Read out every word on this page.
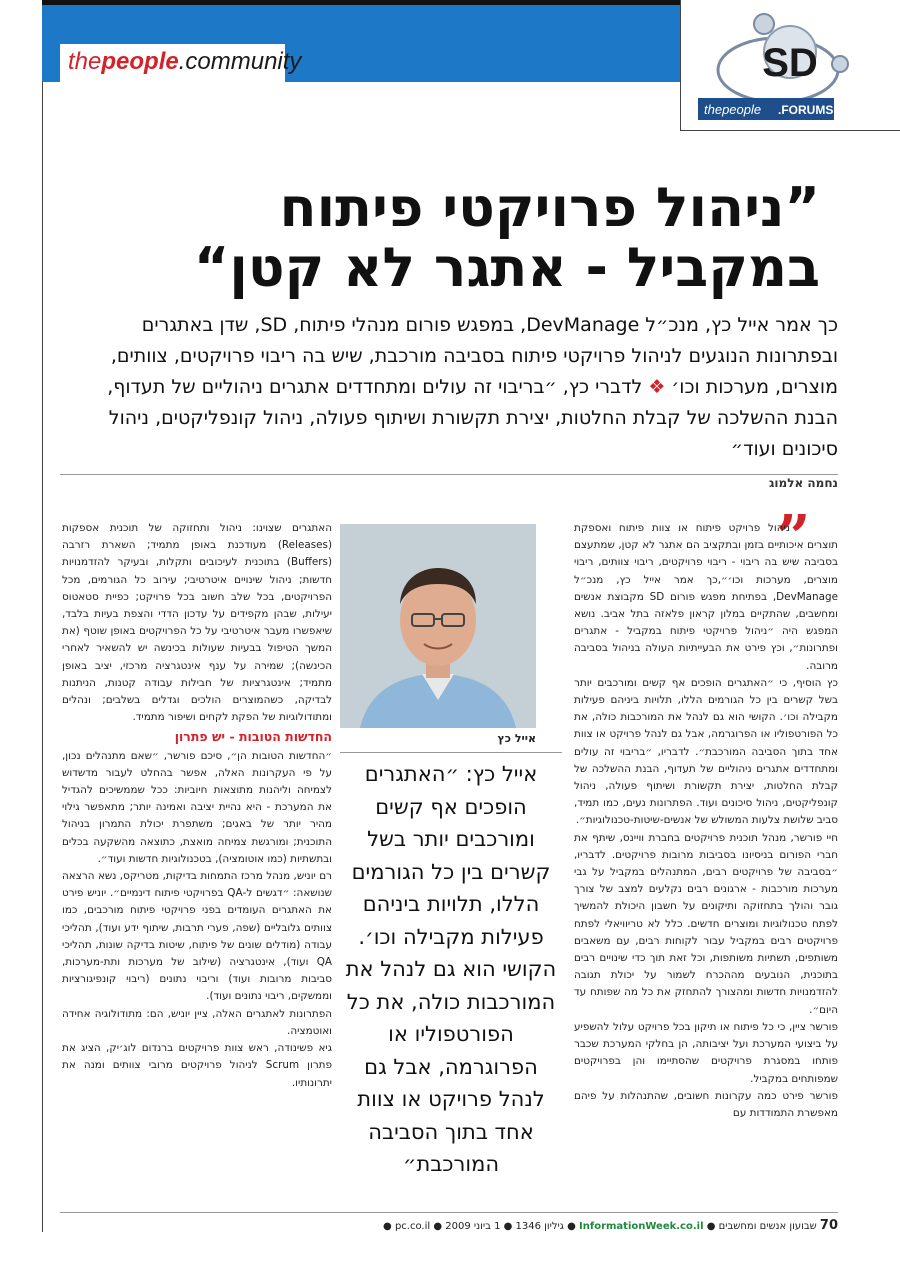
thepeople.community	SD
thepeople .FORUMS
”ניהול פרויקטי פיתוח
במקביל - אתגר לא קטן“
כך אמר אייל כץ, מנכ״ל DevManage, במפגש פורום מנהלי פיתוח, SD, שדן באתגרים ובפתרונות הנוגעים לניהול פרויקטי פיתוח בסביבה מורכבת, שיש בה ריבוי פרויקטים, צוותים, מוצרים, מערכות וכו׳ ❖ לדברי כץ, ״בריבוי זה עולים ומתחדדים אתגרים ניהוליים של תעדוף, הבנת ההשלכה של קבלת החלטות, יצירת תקשורת ושיתוף פעולה, ניהול קונפליקטים, ניהול סיכונים ועוד״
נחמה אלמוג
”

ניהול פרויקט פיתוח או צוות פיתוח ואספקת תוצרים איכותיים בזמן ובתקציב הם אתגר לא קטן, שמתעצם בסביבה שיש בה ריבוי - ריבוי פרויקטים, ריבוי צוותים, ריבוי מוצרים, מערכות וכו׳״,כך אמר אייל כץ, מנכ״ל DevManage, בפתיחת מפגש פורום SD מקבוצת אנשים ומחשבים, שהתקיים במלון קראון פלאזה בתל אביב. נושא המפגש היה ״ניהול פרויקטי פיתוח במקביל - אתגרים ופתרונות״, וכץ פירט את הבעייתיות העולה בניהול בסביבה מרובה.

כץ הוסיף, כי ״האתגרים הופכים אף קשים ומורכבים יותר בשל קשרים בין כל הגורמים הללו, תלויות ביניהם פעילות מקבילה וכו׳. הקושי הוא גם לנהל את המורכבות כולה, את כל הפורטפוליו או הפרוגרמה, אבל גם לנהל פרויקט או צוות אחד בתוך הסביבה המורכבת״. לדבריו, ״בריבוי זה עולים ומתחדדים אתגרים ניהוליים של תעדוף, הבנת ההשלכה של קבלת החלטות, יצירת תקשורת ושיתוף פעולה, ניהול קונפליקטים, ניהול סיכונים ועוד. הפתרונות נעים, כמו תמיד, סביב שלושת צלעות המשולש של אנשים-שיטות-טכנולוגיות״.

חיי פורשר, מנהל תוכנית פרויקטים בחברת וויינס, שיתף את חברי הפורום בניסיונו בסביבות מרובות פרויקטים. לדבריו, ״בסביבה של פרויקטים רבים, המתנהלים במקביל על גבי מערכות מורכבות - ארגונים רבים נקלעים למצב של צורך גובר והולך בתחזוקה ותיקונים על חשבון היכולת להמשיך לפתח טכנולוגיות ומוצרים חדשים. כלל לא טריוויאלי לפתח פרויקטים רבים במקביל עבור לקוחות רבים, עם משאבים משותפים, תשתיות משותפות, וכל זאת תוך כדי שינויים רבים בתוכנית, הנובעים מההכרח לשמור על יכולת תגובה להזדמנויות חדשות ומהצורך להתחזק את כל מה שפותח עד היום״.

פורשר ציין, כי כל פיתוח או תיקון בכל פרויקט עלול להשפיע על ביצועי המערכת ועל יציבותה, הן בחלקי המערכת שכבר פותחו במסגרת פרויקטים שהסתיימו והן בפרויקטים שמפותחים במקביל.

פורשר פירט כמה עקרונות חשובים, שהתנהלות על פיהם מאפשרת התמודדות עם

אייל כץ
אייל כץ: ״האתגרים הופכים אף קשים ומורכבים יותר בשל קשרים בין כל הגורמים הללו, תלויות ביניהם פעילות מקבילה וכו׳. הקושי הוא גם לנהל את המורכבות כולה, את כל הפורטפוליו או הפרוגרמה, אבל גם לנהל פרויקט או צוות אחד בתוך הסביבה המורכבת״

האתגרים שצוינו: ניהול ותחזוקה של תוכנית אספקות (Releases) מעודכנת באופן מתמיד; השארת רזרבה (Buffers) בתוכנית לעיכובים ותקלות, ובעיקר להזדמנויות חדשות; ניהול שינויים איטרטיבי; עירוב כל הגורמים, מכל הפרויקטים, בכל שלב חשוב בכל פרויקט; כפיית סטאטוס יעילות, שבהן מקפידים על עדכון הדדי והצפת בעיות בלבד, שיאפשרו מעבר איטרטיבי על כל הפרויקטים באופן שוטף (את המשך הטיפול בבעיות שעולות בכינשה יש להשאיר לאחרי הכינשה); שמירה על ענף אינטגרציה מרכזי, יציב באופן מתמיד; אינטגרציות של חבילות עבודה קטנות, הניתנות לבדיקה, כשהמוצרים הולכים וגדלים בשלבים; ונהלים ומתודולוגיות של הפקת לקחים ושיפור מתמיד.

החדשות הטובות - יש פתרון

״החדשות הטובות הן״, סיכם פורשר, ״שאם מתנהלים נכון, על פי העקרונות האלה, אפשר בהחלט לעבור מדשדוש לצמיחה וליהנות מתוצאות חיוביות: ככל שממשיכים להגדיל את המערכת - היא נהיית יציבה ואמינה יותר; מתאפשר גילוי מהיר יותר של באגים; משתפרת יכולת התמרון בניהול התוכנית; ומורגשת צמיחה מואצת, כתוצאה מהשקעה בכלים ובתשתיות (כמו אוטומציה), בטכנולוגיות חדשות ועוד״.

רם יוניש, מנהל מרכז התמחות בדיקות, מטריקס, נשא הרצאה שנושאה: ״דגשים ל-QA בפרויקטי פיתוח דינמיים״. יוניש פירט את האתגרים העומדים בפני פרויקטי פיתוח מורכבים, כמו צוותים גלובליים (שפה, פערי תרבות, שיתוף ידע ועוד), תהליכי עבודה (מודלים שונים של פיתוח, שיטות בדיקה שונות, תהליכי QA ועוד), אינטגרציה (שילוב של מערכות ותת-מערכות, סביבות מרובות ועוד) וריבוי נתונים (ריבוי קונפיגורציות וממשקים, ריבוי נתונים ועוד).

הפתרונות לאתגרים האלה, ציין יוניש, הם: מתודולוגיה אחידה ואוטמציה.

גיא פשינודה, ראש צוות פרויקטים ברנדום לוג׳יק, הציג את פתרון Scrum לניהול פרויקטים מרובי צוותים ומנה את יתרונותיו.

70 שבועון אנשים ומחשבים ● InformationWeek.co.il ● גיליון 1346 ● 1 ביוני 2009 ● pc.co.il ●
